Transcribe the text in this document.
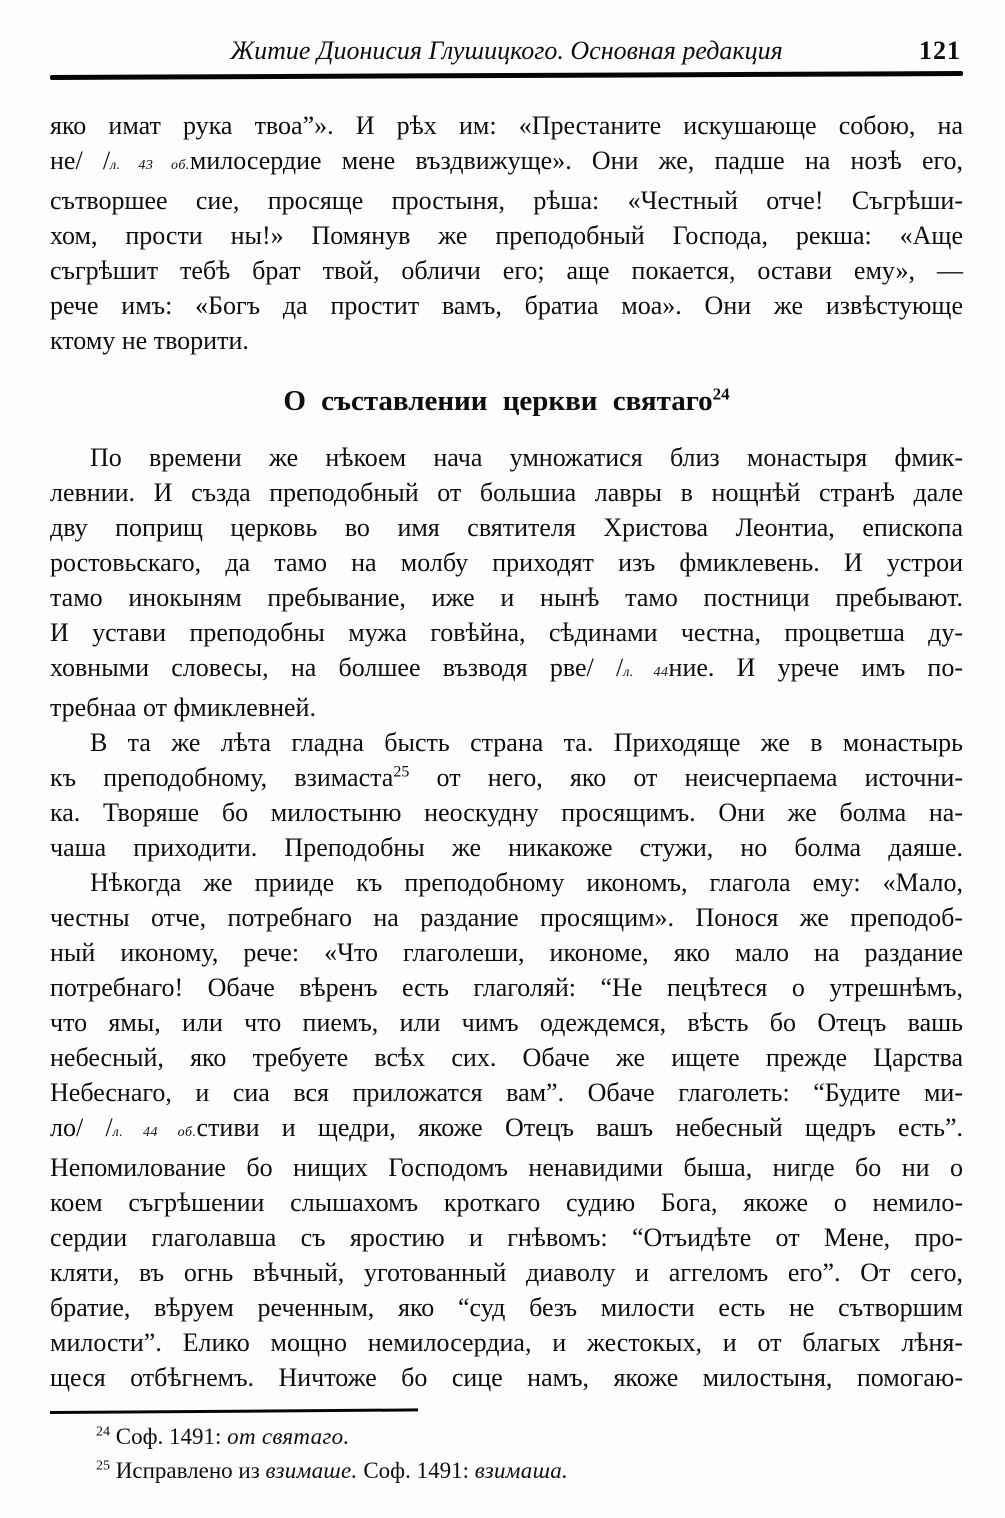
Житие Дионисия Глушицкого. Основная редакция	121
яко имат рука твоа”». И рѣх им: «Престаните искушающе собою, на
не/ /л. 43 об.милосердие мене въздвижуще». Они же, падше на нозѣ его,
сътворшее сие, просяще простыня, рѣша: «Честный отче! Съгрѣши-
хом, прости ны!» Помянув же преподобный Господа, рекша: «Аще
съгрѣшит тебѣ брат твой, обличи его; аще покается, остави ему», —
рече имъ: «Богъ да простит вамъ, братиа моа». Они же извѣстующе
ктому не творити.
О съставлении церкви святаго$^{24}$
По времени же нѣкоем нача умножатися близ монастыря фмик-
левнии. И създа преподобный от большиа лавры в нощнѣй странѣ дале
дву поприщ церковь во имя святителя Христова Леонтиа, епископа
ростовьскаго, да тамо на молбу приходят изъ фмиклевень. И устрои
тамо инокыням пребывание, иже и нынѣ тамо постници пребывают.
И устави преподобны мужа говѣйна, сѣдинами честна, процветша ду-
ховными словесы, на болшее възводя рве/ /л. 44ние. И урече имъ по-
требнаа от фмиклевней.
В та же лѣта гладна бысть страна та. Приходяще же в монастырь
къ преподобному, взимаста$^{25}$ от него, яко от неисчерпаема источни-
ка. Творяше бо милостыню неоскудну просящимъ. Они же болма на-
чаша приходити. Преподобны же никакоже стужи, но болма даяше.
Нѣкогда же прииде къ преподобному икономъ, глагола ему: «Мало,
честны отче, потребнаго на раздание просящим». Понося же преподоб-
ный иконому, рече: «Что глаголеши, икономе, яко мало на раздание
потребнаго! Обаче вѣренъ есть глаголяй: “Не пецѣтеся о утрешнѣмъ,
что ямы, или что пиемъ, или чимъ одеждемся, вѣсть бо Отецъ вашь
небесный, яко требуете всѣх сих. Обаче же ищете прежде Царства
Небеснаго, и сиа вся приложатся вам”. Обаче глаголеть: “Будите ми-
ло/ /л. 44 об.стиви и щедри, якоже Отецъ вашъ небесный щедръ есть”.
Непомилование бо нищих Господомъ ненавидими быша, нигде бо ни о
коем съгрѣшении слышахомъ кроткаго судию Бога, якоже о немило-
сердии глаголавша съ яростию и гнѣвомъ: “Отъидѣте от Мене, про-
кляти, въ огнь вѣчный, уготованный диаволу и аггеломъ его”. От сего,
братие, вѣруем реченным, яко “суд безъ милости есть не сътворшим
милости”. Елико мощно немилосердиа, и жестокых, и от благых лѣня-
щеся отбѣгнемъ. Ничтоже бо сице намъ, якоже милостыня, помогаю-
$^{24}$ Соф. 1491: от святаго.
$^{25}$ Исправлено из взимаше. Соф. 1491: взимаша.
